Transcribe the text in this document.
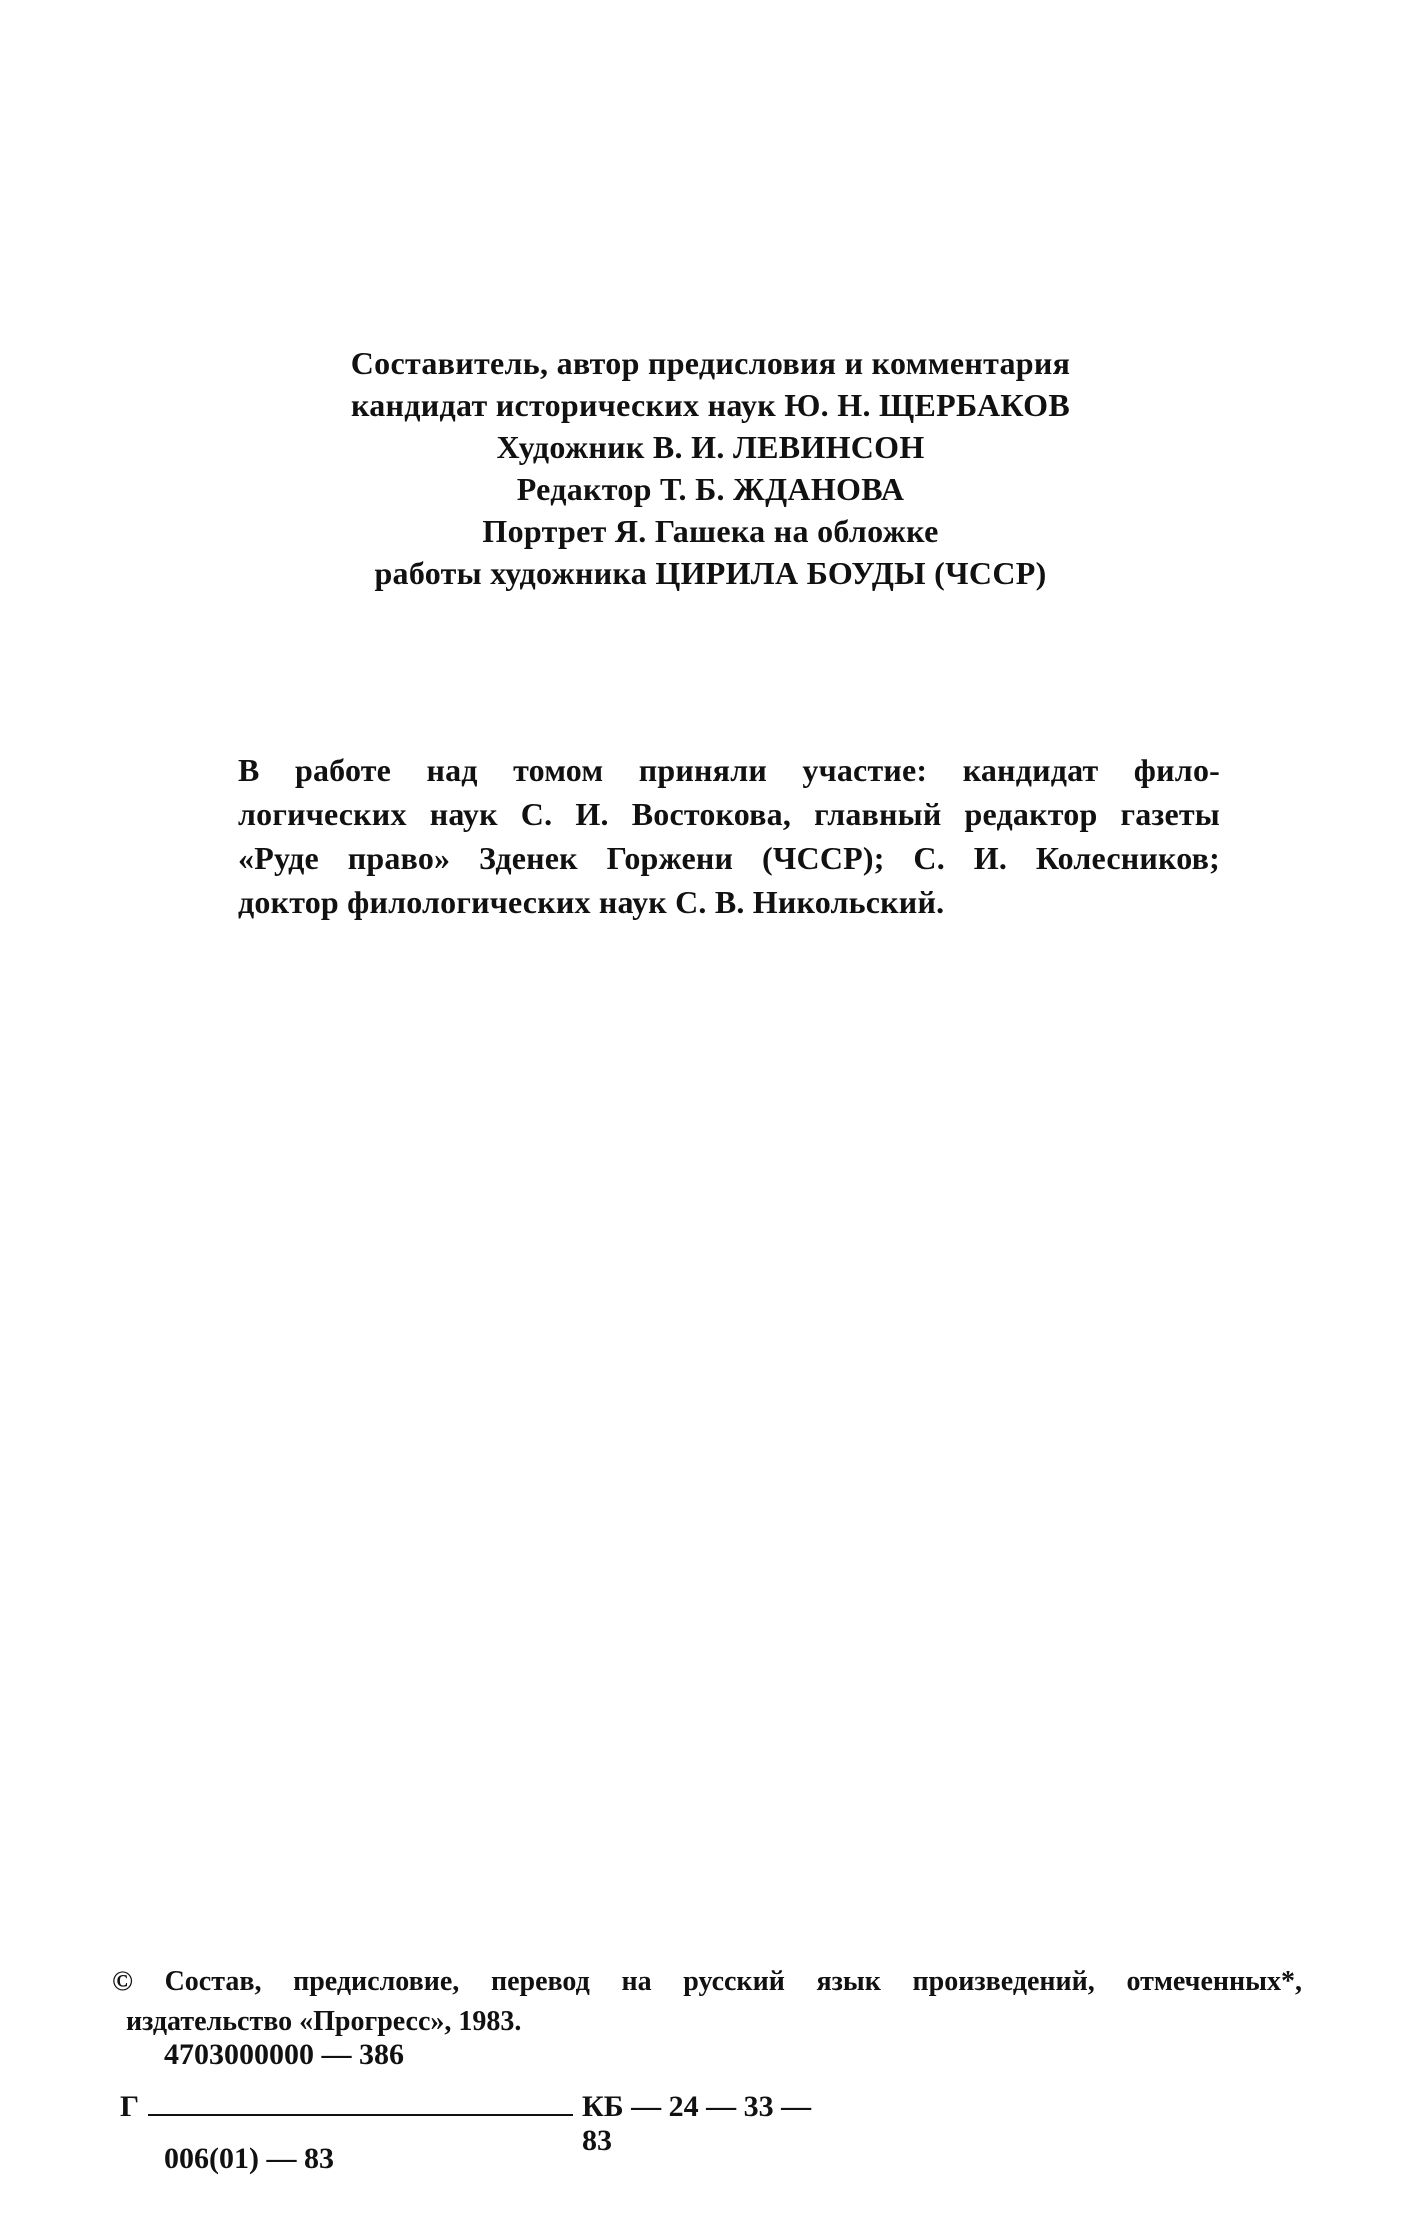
Составитель, автор предисловия и комментария
кандидат исторических наук Ю. Н. ЩЕРБАКОВ
Художник В. И. ЛЕВИНСОН
Редактор Т. Б. ЖДАНОВА
Портрет Я. Гашека на обложке
работы художника ЦИРИЛА БОУДЫ (ЧССР)
В работе над томом приняли участие: кандидат фило-
логических наук С. И. Востокова, главный редактор газеты
«Руде право» Зденек Горжени (ЧССР); С. И. Колесников;
доктор филологических наук С. В. Никольский.
© Состав, предисловие, перевод на русский язык произведений, отмеченных*,
издательство «Прогресс», 1983.
Г
4703000000 — 386
006(01) — 83
КБ — 24 — 33 — 83
